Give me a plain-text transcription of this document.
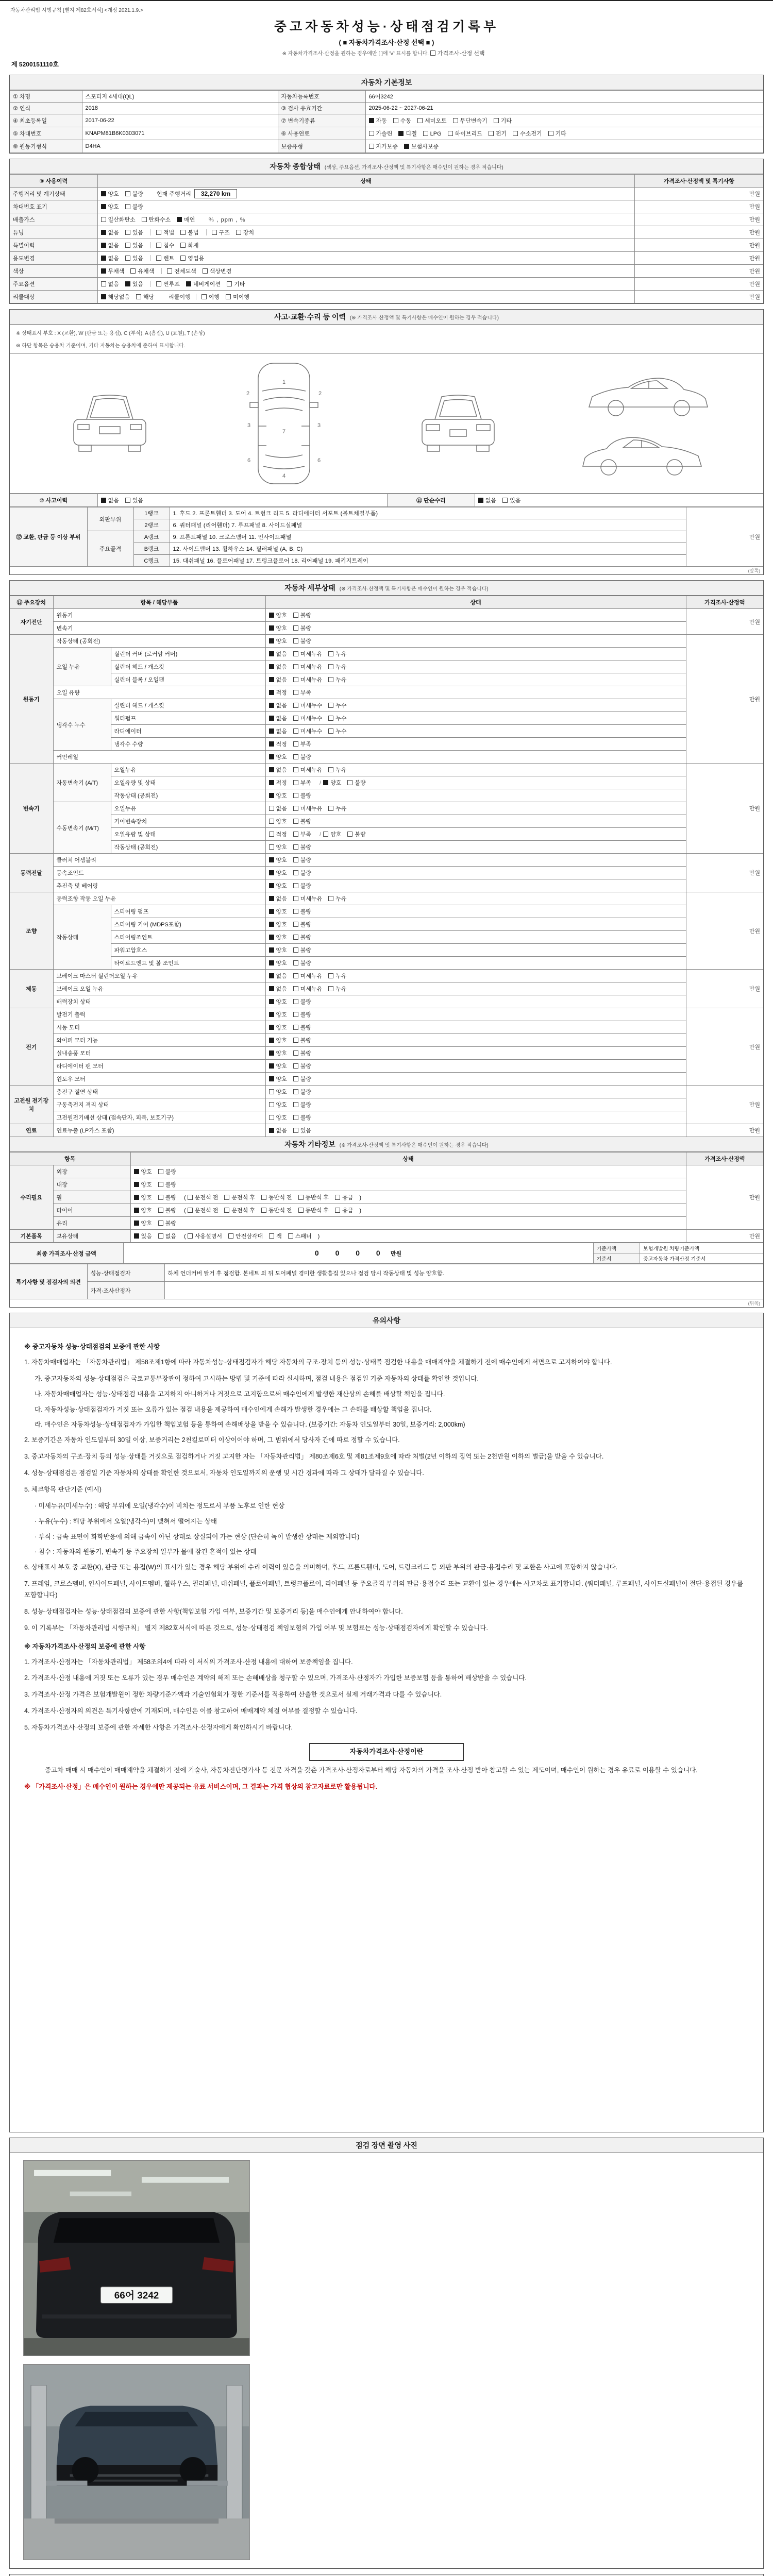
자동차관리법 시행규칙 [별지 제82호서식] <개정 2021.1.9.>
중고자동차성능·상태점검기록부
( ■ 자동차가격조사·산정 선택 ■ )
※ 자동차가격조사·산정을 원하는 경우에만 [ ]에 'V' 표시를 합니다. 가격조사·산정 선택
제 5200151110호
자동차 기본정보
① 차명	스포티지 4세대(QL)	자동차등록번호	66어3242
② 연식	2018	③ 검사 유효기간	2025-06-22 ~ 2027-06-21
④ 최초등록일	2017-06-22	⑦ 변속기종류	자동 수동 세미오토 무단변속기 기타
⑤ 차대번호	KNAPM81B6K0303071	⑥ 사용연료	가솔린 디젤 LPG 하이브리드 전기 수소전기 기타
⑧ 원동기형식	D4HA	보증유형	자가보증 보험사보증
자동차 종합상태 (색상, 주요옵션, 가격조사·산정액 및 특기사항은 매수인이 원하는 경우 적습니다)
⑨ 사용이력	상태	가격조사·산정액 및 특기사항
주행거리 및 계기상태	양호 불량 현재 주행거리 32,270 km	만원
차대번호 표기	양호 불량	만원
배출가스	일산화탄소 탄화수소 매연 ％ , ppm , ％	만원
튜닝	없음 있음 적법 불법 구조 장치	만원
특별이력	없음 있음 침수 화재	만원
용도변경	없음 있음 렌트 영업용	만원
색상	무채색 유채색 전체도색 색상변경	만원
주요옵션	없음 있음 썬루프 네비게이션 기타	만원
리콜대상	해당없음 해당 리콜이행 이행 미이행	만원
사고·교환·수리 등 이력 (※ 가격조사·산정액 및 특기사항은 매수인이 원하는 경우 적습니다)
※ 상태표시 부호 : X (교환), W (판금 또는 용접), C (부식), A (흠집), U (요철), T (손상)
※ 하단 항목은 승용차 기준이며, 기타 자동차는 승용차에 준하여 표시합니다.
1
2	2
3	3
7
6	6
4
⑩ 사고이력	없음 있음	⑪ 단순수리	없음 있음
⑫ 교환, 판금 등 이상 부위	외판부위	1랭크	1. 후드 2. 프론트휀더 3. 도어 4. 트렁크 리드 5. 라디에이터 서포트 (볼트체결부품)	만원
		2랭크	6. 쿼터패널 (리어휀더) 7. 루프패널 8. 사이드실패널	
	주요골격	A랭크	9. 프론트패널 10. 크로스멤버 11. 인사이드패널	
		B랭크	12. 사이드멤버 13. 휠하우스 14. 필러패널 (A, B, C)	
		C랭크	15. 대쉬패널 16. 플로어패널 17. 트렁크플로어 18. 리어패널 19. 패키지트레이	
(앞쪽)
자동차 세부상태 (※ 가격조사·산정액 및 특기사항은 매수인이 원하는 경우 적습니다)
⑬ 주요장치	항목 / 해당부품		상태	가격조사·산정액
자기진단	원동기		양호 불량	만원
	변속기		양호 불량	
원동기	작동상태 (공회전)		양호 불량	만원
	오일 누유	실린더 커버 (로커암 커버)	없음 미세누유 누유	
		실린더 헤드 / 개스킷	없음 미세누유 누유	
		실린더 블록 / 오일팬	없음 미세누유 누유	
	오일 유량		적정 부족	
	냉각수 누수	실린더 헤드 / 개스킷	없음 미세누수 누수	
		워터펌프	없음 미세누수 누수	
		라디에이터	없음 미세누수 누수	
		냉각수 수량	적정 부족	
	커먼레일		양호 불량	
변속기	자동변속기 (A/T)	오일누유	없음 미세누유 누유	만원
		오일유량 및 상태	적정 부족 / 양호 불량	
		작동상태 (공회전)	양호 불량	
	수동변속기 (M/T)	오일누유	없음 미세누유 누유	
		기어변속장치	양호 불량	
		오일유량 및 상태	적정 부족 / 양호 불량	
		작동상태 (공회전)	양호 불량	
동력전달	클러치 어셈블리		양호 불량	만원
	등속조인트		양호 불량	
	추진축 및 베어링		양호 불량	
조향	동력조향 작동 오일 누유		없음 미세누유 누유	만원
	작동상태	스티어링 펌프	양호 불량	
		스티어링 기어 (MDPS포함)	양호 불량	
		스티어링조인트	양호 불량	
		파워고압호스	양호 불량	
		타이로드엔드 및 볼 조인트	양호 불량	
제동	브레이크 마스터 실린더오일 누유		없음 미세누유 누유	만원
	브레이크 오일 누유		없음 미세누유 누유	
	배력장치 상태		양호 불량	
전기	발전기 출력		양호 불량	만원
	시동 모터		양호 불량	
	와이퍼 모터 기능		양호 불량	
	실내송풍 모터		양호 불량	
	라디에이터 팬 모터		양호 불량	
	윈도우 모터		양호 불량	
고전원 전기장치	충전구 절연 상태		양호 불량	만원
	구동축전지 격리 상태		양호 불량	
	고전원전기배선 상태 (접속단자, 피복, 보호기구)		양호 불량	
연료	연료누출 (LP가스 포함)		없음 있음	만원
자동차 기타정보 (※ 가격조사·산정액 및 특기사항은 매수인이 원하는 경우 적습니다)
항목		상태	가격조사·산정액
수리필요	외장	양호 불량	만원
	내장	양호 불량	
	휠	양호 불량 ( 운전석 전 운전석 후 동반석 전 동반석 후 응급 )	
	타이어	양호 불량 ( 운전석 전 운전석 후 동반석 전 동반석 후 응급 )	
	유리	양호 불량	
기본품목	보유상태	있음 없음 ( 사용설명서 안전삼각대 잭 스패너 )	만원
최종 가격조사·산정 금액	0 0 0 0 만원	
기준가액	보험개발원 차량기준가액
기준서	중고자동차 가격산정 기준서
특기사항 및 점검자의 의견	성능·상태점검자	하체 언더커버 탈거 후 점검함. 본네트 외 뒤 도어패널 경미한 생활흠집 있으나 점검 당시 작동상태 및 성능 양호함.
	가격·조사산정자	
(뒤쪽)
유의사항

※ 중고자동차 성능·상태점검의 보증에 관한 사항

1. 자동차매매업자는 「자동차관리법」 제58조제1항에 따라 자동차성능·상태점검자가 해당 자동차의 구조·장치 등의 성능·상태를 점검한 내용을 매매계약을 체결하기 전에 매수인에게 서면으로 고지하여야 합니다.

가. 중고자동차의 성능·상태점검은 국토교통부장관이 정하여 고시하는 방법 및 기준에 따라 실시하며, 점검 내용은 점검일 기준 자동차의 상태를 확인한 것입니다.

나. 자동차매매업자는 성능·상태점검 내용을 고지하지 아니하거나 거짓으로 고지함으로써 매수인에게 발생한 재산상의 손해를 배상할 책임을 집니다.

다. 자동차성능·상태점검자가 거짓 또는 오류가 있는 점검 내용을 제공하여 매수인에게 손해가 발생한 경우에는 그 손해를 배상할 책임을 집니다.

라. 매수인은 자동차성능·상태점검자가 가입한 책임보험 등을 통하여 손해배상을 받을 수 있습니다. (보증기간: 자동차 인도일부터 30일, 보증거리: 2,000km)

2. 보증기간은 자동차 인도일부터 30일 이상, 보증거리는 2천킬로미터 이상이어야 하며, 그 범위에서 당사자 간에 따로 정할 수 있습니다.

3. 중고자동차의 구조·장치 등의 성능·상태를 거짓으로 점검하거나 거짓 고지한 자는 「자동차관리법」 제80조제6호 및 제81조제9호에 따라 처벌(2년 이하의 징역 또는 2천만원 이하의 벌금)을 받을 수 있습니다.

4. 성능·상태점검은 점검일 기준 자동차의 상태를 확인한 것으로서, 자동차 인도일까지의 운행 및 시간 경과에 따라 그 상태가 달라질 수 있습니다.

5. 체크항목 판단기준 (예시)

· 미세누유(미세누수) : 해당 부위에 오일(냉각수)이 비치는 정도로서 부품 노후로 인한 현상

· 누유(누수) : 해당 부위에서 오일(냉각수)이 맺혀서 떨어지는 상태

· 부식 : 금속 표면이 화학반응에 의해 금속이 아닌 상태로 상실되어 가는 현상 (단순히 녹이 발생한 상태는 제외합니다)

· 침수 : 자동차의 원동기, 변속기 등 주요장치 일부가 물에 잠긴 흔적이 있는 상태

6. 상태표시 부호 중 교환(X), 판금 또는 용접(W)의 표시가 있는 경우 해당 부위에 수리 이력이 있음을 의미하며, 후드, 프론트휀더, 도어, 트렁크리드 등 외판 부위의 판금·용접수리 및 교환은 사고에 포함하지 않습니다.

7. 프레임, 크로스멤버, 인사이드패널, 사이드멤버, 휠하우스, 필러패널, 대쉬패널, 플로어패널, 트렁크플로어, 리어패널 등 주요골격 부위의 판금·용접수리 또는 교환이 있는 경우에는 사고차로 표기합니다. (쿼터패널, 루프패널, 사이드실패널이 절단·용접된 경우를 포함합니다)

8. 성능·상태점검자는 성능·상태점검의 보증에 관한 사항(책임보험 가입 여부, 보증기간 및 보증거리 등)을 매수인에게 안내하여야 합니다.

9. 이 기록부는 「자동차관리법 시행규칙」 별지 제82호서식에 따른 것으로, 성능·상태점검 책임보험의 가입 여부 및 보험료는 성능·상태점검자에게 확인할 수 있습니다.

※ 자동차가격조사·산정의 보증에 관한 사항

1. 가격조사·산정자는 「자동차관리법」 제58조의4에 따라 이 서식의 가격조사·산정 내용에 대하여 보증책임을 집니다.

2. 가격조사·산정 내용에 거짓 또는 오류가 있는 경우 매수인은 계약의 해제 또는 손해배상을 청구할 수 있으며, 가격조사·산정자가 가입한 보증보험 등을 통하여 배상받을 수 있습니다.

3. 가격조사·산정 가격은 보험개발원이 정한 차량기준가액과 기술인협회가 정한 기준서를 적용하여 산출한 것으로서 실제 거래가격과 다를 수 있습니다.

4. 가격조사·산정자의 의견은 특기사항란에 기재되며, 매수인은 이를 참고하여 매매계약 체결 여부를 결정할 수 있습니다.

5. 자동차가격조사·산정의 보증에 관한 자세한 사항은 가격조사·산정자에게 확인하시기 바랍니다.

자동차가격조사·산정이란

중고차 매매 시 매수인이 매매계약을 체결하기 전에 기술사, 자동차진단평가사 등 전문 자격을 갖춘 가격조사·산정자로부터 해당 자동차의 가격을 조사·산정 받아 참고할 수 있는 제도이며, 매수인이 원하는 경우 유료로 이용할 수 있습니다.

※ 「가격조사·산정」은 매수인이 원하는 경우에만 제공되는 유료 서비스이며, 그 결과는 가격 협상의 참고자료로만 활용됩니다.

점검 장면 촬영 사진
66어 3242
